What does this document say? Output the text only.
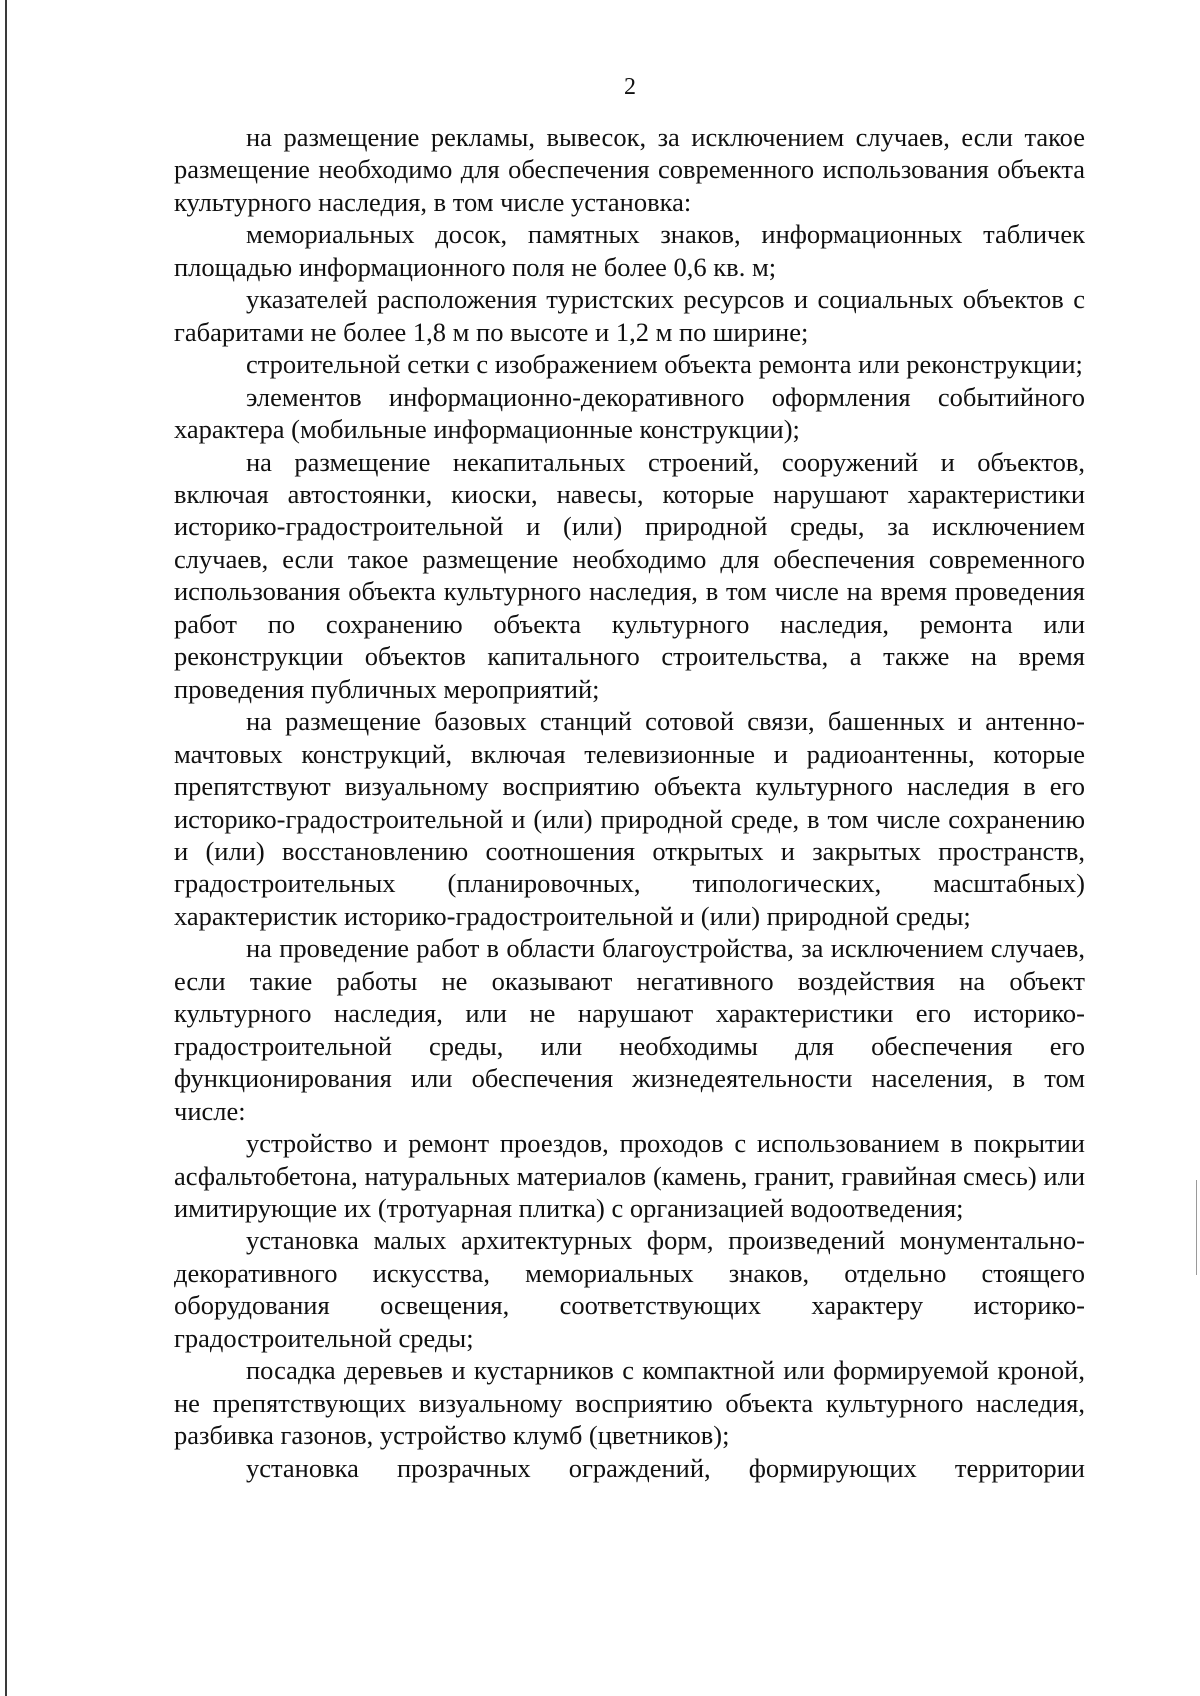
2

на размещение рекламы, вывесок, за исключением случаев, если такое размещение необходимо для обеспечения современного использования объекта культурного наследия, в том числе установка:

мемориальных досок, памятных знаков, информационных табличек площадью информационного поля не более 0,6 кв. м;

указателей расположения туристских ресурсов и социальных объектов с габаритами не более 1,8 м по высоте и 1,2 м по ширине;

строительной сетки с изображением объекта ремонта или реконструкции;

элементов информационно-декоративного оформления событийного характера (мобильные информационные конструкции);

на размещение некапитальных строений, сооружений и объектов, включая автостоянки, киоски, навесы, которые нарушают характеристики историко-градостроительной и (или) природной среды, за исключением случаев, если такое размещение необходимо для обеспечения современного использования объекта культурного наследия, в том числе на время проведения работ по сохранению объекта культурного наследия, ремонта или реконструкции объектов капитального строительства, а также на время проведения публичных мероприятий;

на размещение базовых станций сотовой связи, башенных и антенно-мачтовых конструкций, включая телевизионные и радиоантенны, которые препятствуют визуальному восприятию объекта культурного наследия в его историко-градостроительной и (или) природной среде, в том числе сохранению и (или) восстановлению соотношения открытых и закрытых пространств, градостроительных (планировочных, типологических, масштабных) характеристик историко-градостроительной и (или) природной среды;

на проведение работ в области благоустройства, за исключением случаев, если такие работы не оказывают негативного воздействия на объект культурного наследия, или не нарушают характеристики его историко-градостроительной среды, или необходимы для обеспечения его функционирования или обеспечения жизнедеятельности населения, в том числе:

устройство и ремонт проездов, проходов с использованием в покрытии асфальтобетона, натуральных материалов (камень, гранит, гравийная смесь) или имитирующие их (тротуарная плитка) с организацией водоотведения;

установка малых архитектурных форм, произведений монументально-декоративного искусства, мемориальных знаков, отдельно стоящего оборудования освещения, соответствующих характеру историко-градостроительной среды;

посадка деревьев и кустарников с компактной или формируемой кроной, не препятствующих визуальному восприятию объекта культурного наследия, разбивка газонов, устройство клумб (цветников);

установка прозрачных ограждений, формирующих территории
